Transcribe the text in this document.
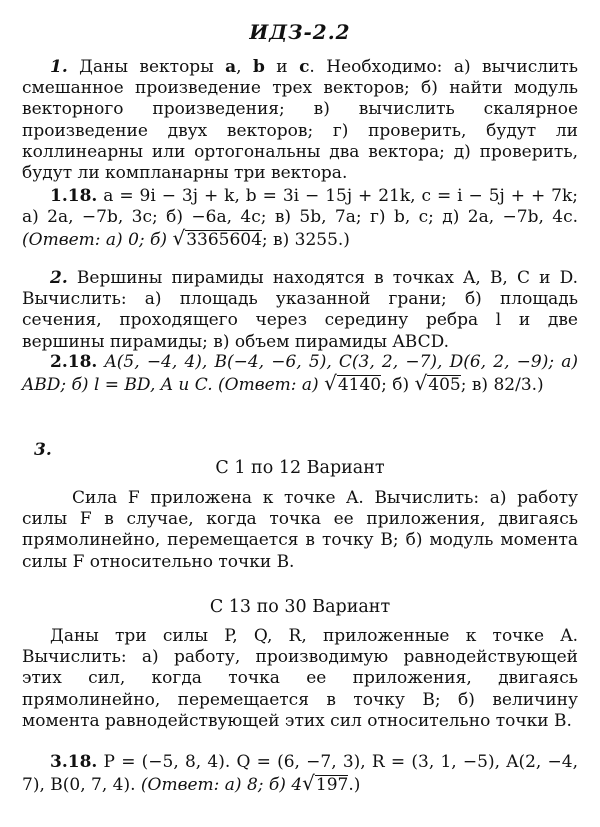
ИДЗ-2.2
1. Даны векторы a, b и c. Необходимо: а) вычислить смешанное произведение трех векторов; б) найти модуль векторного произведения; в) вычислить скалярное произведение двух векторов; г) проверить, будут ли коллинеарны или ортогональны два вектора; д) проверить, будут ли компланарны три вектора.
1.18. a = 9i − 3j + k, b = 3i − 15j + 21k, c = i − 5j + + 7k; а) 2a, −7b, 3c; б) −6a, 4c; в) 5b, 7a; г) b, c; д) 2a, −7b, 4c. (Ответ: а) 0; б) √3365604; в) 3255.)
2. Вершины пирамиды находятся в точках A, B, C и D. Вычислить: а) площадь указанной грани; б) площадь сечения, проходящего через середину ребра l и две вершины пирамиды; в) объем пирамиды ABCD.
2.18. A(5, −4, 4), B(−4, −6, 5), C(3, 2, −7), D(6, 2, −9); а) ABD; б) l = BD, A и C. (Ответ: а) √4140; б) √405; в) 82/3.)
3.
С 1 по 12 Вариант
Сила F приложена к точке A. Вычислить: а) работу силы F в случае, когда точка ее приложения, двигаясь прямолинейно, перемещается в точку B; б) модуль момента силы F относительно точки B.
С 13 по 30 Вариант
Даны три силы P, Q, R, приложенные к точке A. Вычислить: а) работу, производимую равнодействующей этих сил, когда точка ее приложения, двигаясь прямолинейно, перемещается в точку B; б) величину момента равнодействующей этих сил относительно точки B.
3.18. P = (−5, 8, 4). Q = (6, −7, 3), R = (3, 1, −5), A(2, −4, 7), B(0, 7, 4). (Ответ: а) 8; б) 4√197.)
